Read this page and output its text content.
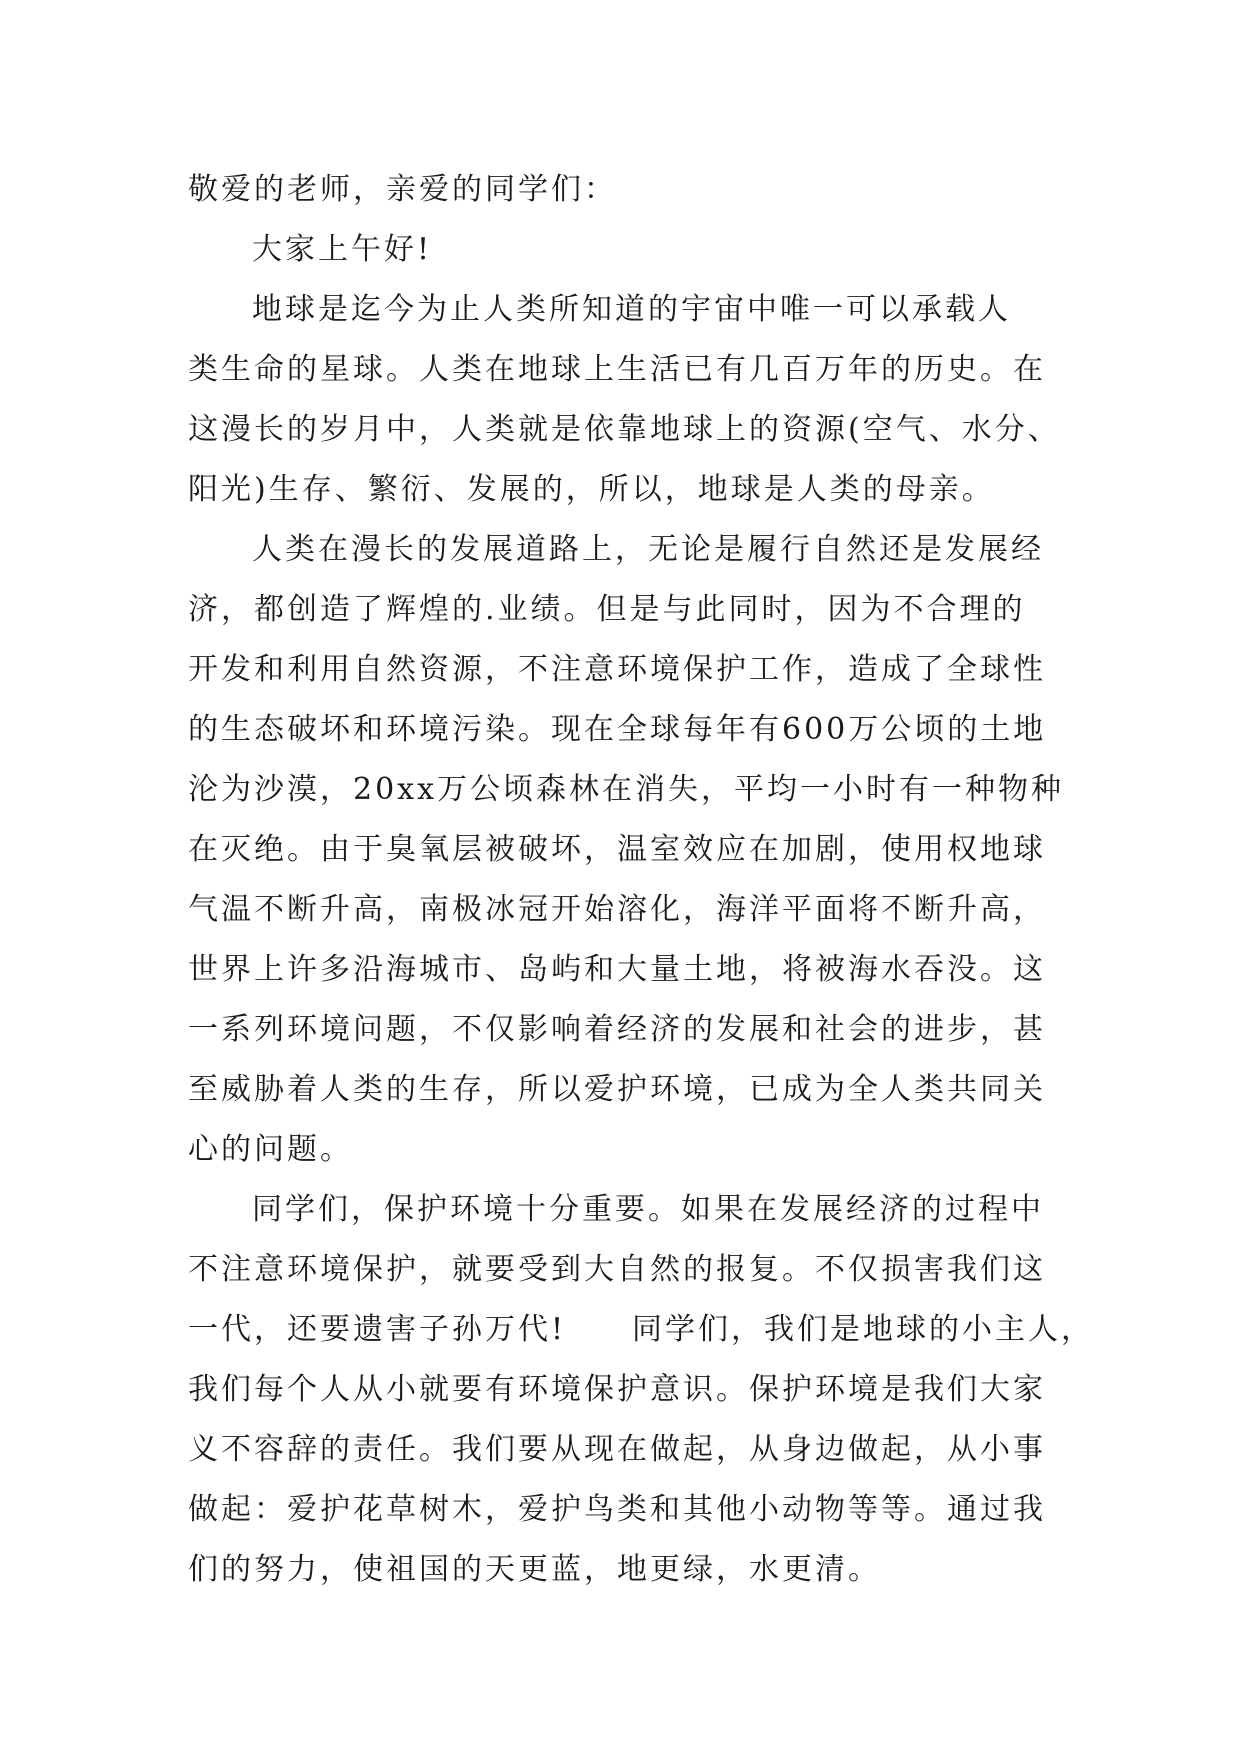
敬爱的老师，亲爱的同学们：
大家上午好!
地球是迄今为止人类所知道的宇宙中唯一可以承载人
类生命的星球。人类在地球上生活已有几百万年的历史。在
这漫长的岁月中，人类就是依靠地球上的资源(空气、水分、
阳光)生存、繁衍、发展的，所以，地球是人类的母亲。
人类在漫长的发展道路上，无论是履行自然还是发展经
济，都创造了辉煌的.业绩。但是与此同时，因为不合理的
开发和利用自然资源，不注意环境保护工作，造成了全球性
的生态破坏和环境污染。现在全球每年有600万公顷的土地
沦为沙漠，20xx万公顷森林在消失，平均一小时有一种物种
在灭绝。由于臭氧层被破坏，温室效应在加剧，使用权地球
气温不断升高，南极冰冠开始溶化，海洋平面将不断升高，
世界上许多沿海城市、岛屿和大量土地，将被海水吞没。这
一系列环境问题，不仅影响着经济的发展和社会的进步，甚
至威胁着人类的生存，所以爱护环境，已成为全人类共同关
心的问题。
同学们，保护环境十分重要。如果在发展经济的过程中
不注意环境保护，就要受到大自然的报复。不仅损害我们这
一代，还要遗害子孙万代!　　同学们，我们是地球的小主人，
我们每个人从小就要有环境保护意识。保护环境是我们大家
义不容辞的责任。我们要从现在做起，从身边做起，从小事
做起：爱护花草树木，爱护鸟类和其他小动物等等。通过我
们的努力，使祖国的天更蓝，地更绿，水更清。
